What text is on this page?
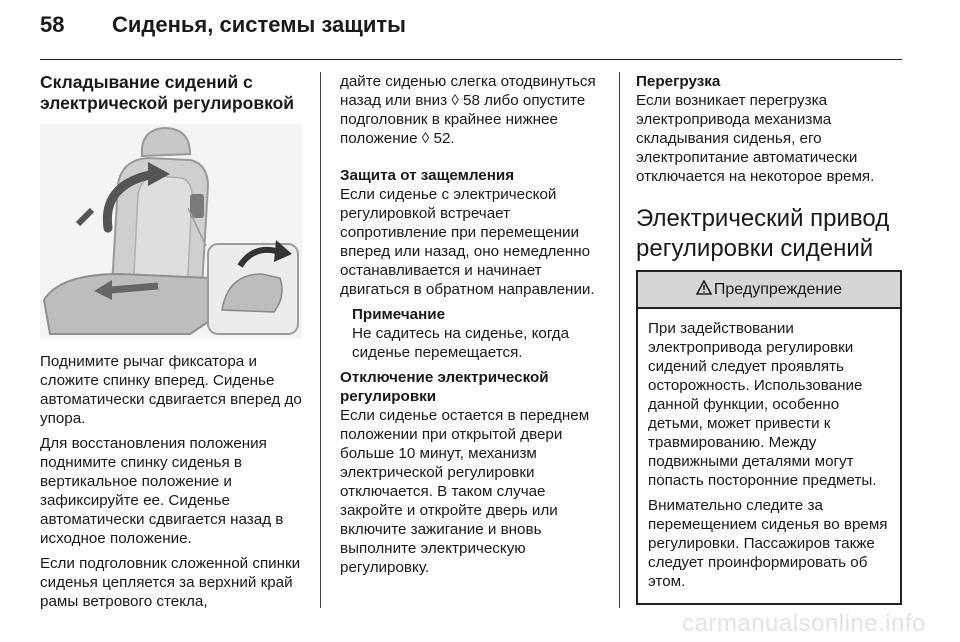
58 Сиденья, системы защиты
Складывание сидений с электрической регулировкой

Поднимите рычаг фиксатора и сложите спинку вперед. Сиденье автоматически сдвигается вперед до упора.

Для восстановления положения поднимите спинку сиденья в вертикальное положение и зафиксируйте ее. Сиденье автоматически сдвигается назад в исходное положение.

Если подголовник сложенной спинки сиденья цепляется за верхний край рамы ветрового стекла,

дайте сиденью слегка отодвинуться назад или вниз ◊ 58 либо опустите подголовник в крайнее нижнее положение ◊ 52.

Защита от защемления

Если сиденье с электрической регулировкой встречает сопротивление при перемещении вперед или назад, оно немедленно останавливается и начинает двигаться в обратном направлении.

Примечание
Не садитесь на сиденье, когда сиденье перемещается.
Отключение электрической регулировки

Если сиденье остается в переднем положении при открытой двери больше 10 минут, механизм электрической регулировки отключается. В таком случае закройте и откройте дверь или включите зажигание и вновь выполните электрическую регулировку.

Перегрузка

Если возникает перегрузка электропривода механизма складывания сиденья, его электропитание автоматически отключается на некоторое время.

Электрический привод регулировки сидений
Предупреждение

При задействовании электропривода регулировки сидений следует проявлять осторожность. Использование данной функции, особенно детьми, может привести к травмированию. Между подвижными деталями могут попасть посторонние предметы.

Внимательно следите за перемещением сиденья во время регулировки. Пассажиров также следует проинформировать об этом.

carmanualsonline.info
